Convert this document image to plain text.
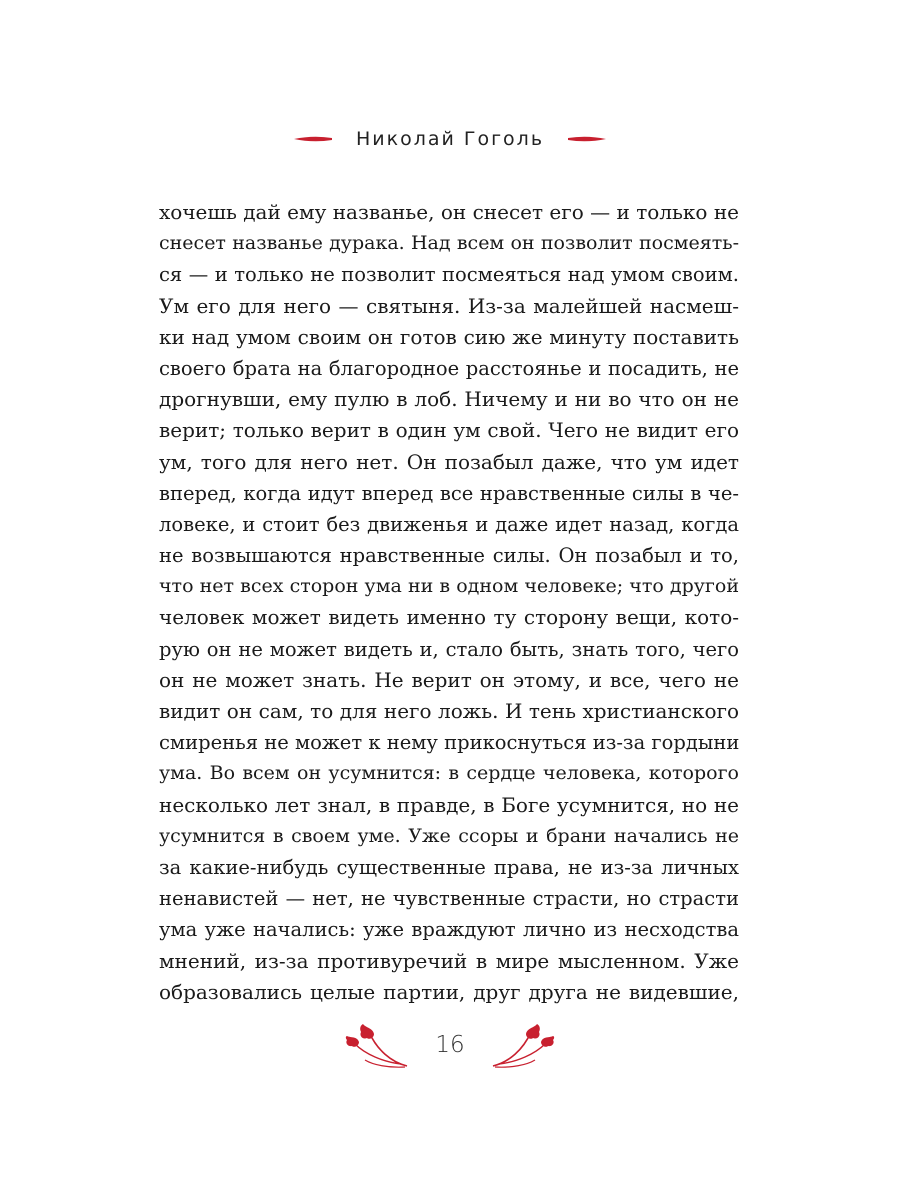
Николай Гоголь
хочешь дай ему названье, он снесет его — и только не
снесет названье дурака. Над всем он позволит посмеять-
ся — и только не позволит посмеяться над умом своим.
Ум его для него — святыня. Из-за малейшей насмеш-
ки над умом своим он готов сию же минуту поставить
своего брата на благородное расстоянье и посадить, не
дрогнувши, ему пулю в лоб. Ничему и ни во что он не
верит; только верит в один ум свой. Чего не видит его
ум, того для него нет. Он позабыл даже, что ум идет
вперед, когда идут вперед все нравственные силы в че-
ловеке, и стоит без движенья и даже идет назад, когда
не возвышаются нравственные силы. Он позабыл и то,
что нет всех сторон ума ни в одном человеке; что другой
человек может видеть именно ту сторону вещи, кото-
рую он не может видеть и, стало быть, знать того, чего
он не может знать. Не верит он этому, и все, чего не
видит он сам, то для него ложь. И тень христианского
смиренья не может к нему прикоснуться из-за гордыни
ума. Во всем он усумнится: в сердце человека, которого
несколько лет знал, в правде, в Боге усумнится, но не
усумнится в своем уме. Уже ссоры и брани начались не
за какие-нибудь существенные права, не из-за личных
ненавистей — нет, не чувственные страсти, но страсти
ума уже начались: уже враждуют лично из несходства
мнений, из-за противуречий в мире мысленном. Уже
образовались целые партии, друг друга не видевшие,
16
